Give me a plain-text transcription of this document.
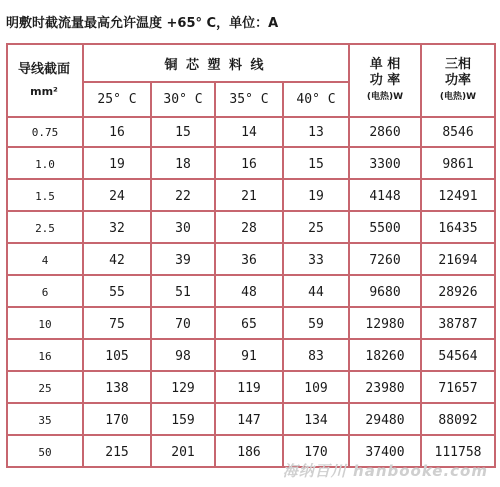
明敷时截流量最高允许温度 +65° C，单位：A
导线截面
mm²
铜 芯 塑 料 线
25° C	30° C	35° C	40° C
单 相
功 率
(电热)W
三相
功率
(电热)W
0.75	16	15	14	13	2860	8546
1.0	19	18	16	15	3300	9861
1.5	24	22	21	19	4148	12491
2.5	32	30	28	25	5500	16435
4	42	39	36	33	7260	21694
6	55	51	48	44	9680	28926
10	75	70	65	59	12980	38787
16	105	98	91	83	18260	54564
25	138	129	119	109	23980	71657
35	170	159	147	134	29480	88092
50	215	201	186	170	37400	111758
海纳百川 hanbooke.com
